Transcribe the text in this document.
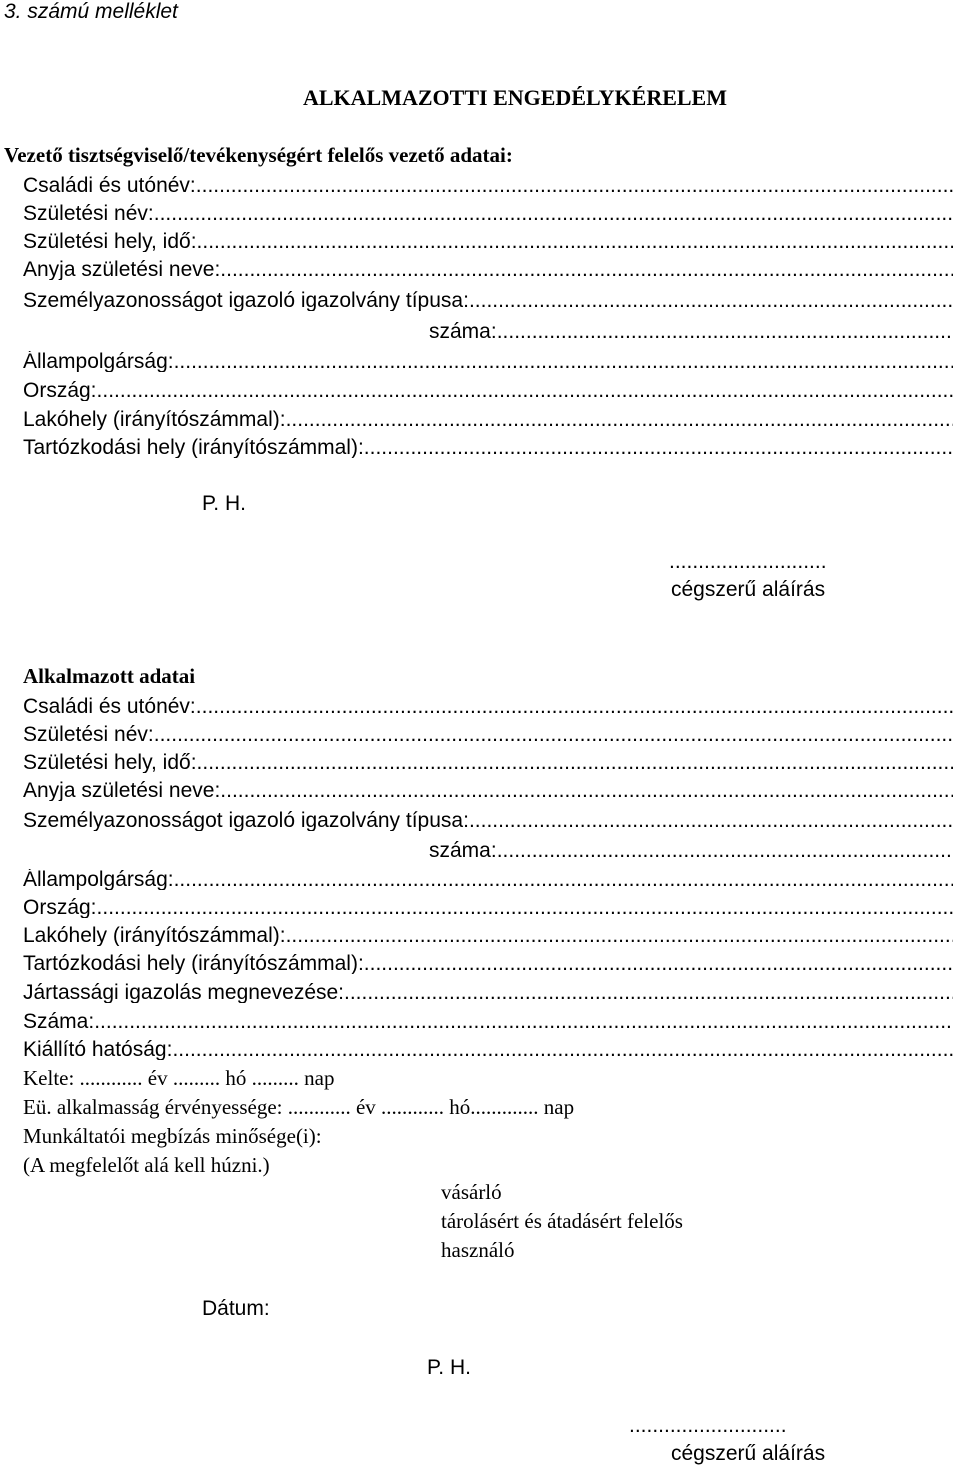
3. számú melléklet
ALKALMAZOTTI ENGEDÉLYKÉRELEM
Vezető tisztségviselő/tevékenységért felelős vezető adatai:
Családi és utónév:
.....
Születési név:
.....
Születési hely, idő:
.....
Anyja születési neve:
.....
Személyazonosságot igazoló igazolvány típusa:
.....
száma:
.....
Állampolgárság:
.....
Ország:
.....
Lakóhely (irányítószámmal):
.....
Tartózkodási hely (irányítószámmal):
.....
P. H.
...........................
cégszerű aláírás
Alkalmazott adatai
Családi és utónév:
.....
Születési név:
.....
Születési hely, idő:
.....
Anyja születési neve:
.....
Személyazonosságot igazoló igazolvány típusa:
.....
száma:
.....
Állampolgárság:
.....
Ország:
.....
Lakóhely (irányítószámmal):
.....
Tartózkodási hely (irányítószámmal):
.....
Jártassági igazolás megnevezése:
.....
Száma:
.....
Kiállító hatóság:
.....
Kelte: ............ év ......... hó ......... nap
Eü. alkalmasság érvényessége: ............ év ............ hó............. nap
Munkáltatói megbízás minősége(i):
(A megfelelőt alá kell húzni.)
vásárló
tárolásért és átadásért felelős
használó
Dátum:
P. H.
...........................
cégszerű aláírás
